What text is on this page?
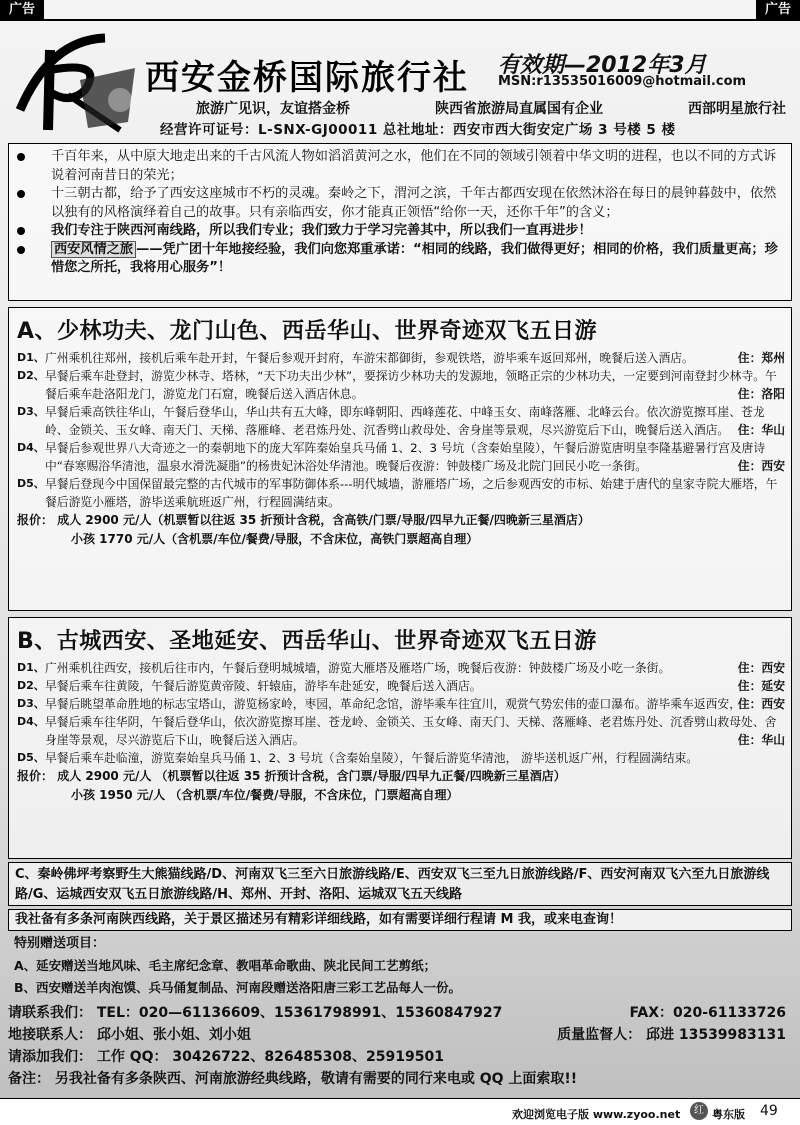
广告	广告
西安金桥国际旅行社 有效期—2012年3月
MSN:r13535016009@hotmail.com
旅游广见识，友谊搭金桥	陕西省旅游局直属国有企业	西部明星旅行社
经营许可证号：L-SNX-GJ00011 总社地址：西安市西大街安定广场 3 号楼 5 楼
千百年来，从中原大地走出来的千古风流人物如滔滔黄河之水，他们在不同的领域引领着中华文明的进程，也以不同的方式诉说着河南昔日的荣光；
十三朝古都，给予了西安这座城市不朽的灵魂。秦岭之下，渭河之滨，千年古都西安现在依然沐浴在每日的晨钟暮鼓中，依然以独有的风格演绎着自己的故事。只有亲临西安，你才能真正领悟“给你一天，还你千年”的含义；
我们专注于陕西河南线路，所以我们专业；我们致力于学习完善其中，所以我们一直再进步！
西安风情之旅 ——凭广团十年地接经验，我们向您郑重承诺：“相同的线路，我们做得更好；相同的价格，我们质量更高；珍惜您之所托，我将用心服务”！
A、少林功夫、龙门山色、西岳华山、世界奇迹双飞五日游
D1、 广州乘机往郑州，接机后乘车赴开封，午餐后参观开封府，车游宋都御街，参观铁塔，游毕乘车返回郑州，晚餐后送入酒店。	住：郑州
D2、 早餐后乘车赴登封，游览少林寺、塔林，“天下功夫出少林”，要探访少林功夫的发源地，领略正宗的少林功夫，一定要到河南登封少林寺。午餐后乘车赴洛阳龙门，游览龙门石窟，晚餐后送入酒店休息。	住：洛阳
D3、 早餐后乘高铁往华山，午餐后登华山，华山共有五大峰，即东峰朝阳、西峰莲花、中峰玉女、南峰落雁、北峰云台。依次游览擦耳崖、苍龙岭、金锁关、玉女峰、南天门、天梯、落雁峰、老君炼丹处、沉香劈山救母处、舍身崖等景观，尽兴游览后下山，晚餐后送入酒店。 住：华山
D4、 早餐后参观世界八大奇迹之一的秦朝地下的庞大军阵秦始皇兵马俑 1、2、3 号坑（含秦始皇陵），午餐后游览唐明皇李隆基避暑行宫及唐诗中“春寒赐浴华清池，温泉水滑洗凝脂”的杨贵妃沐浴处华清池。晚餐后夜游：钟鼓楼广场及北院门回民小吃一条街。	住：西安
D5、 早餐后登现今中国保留最完整的古代城市的军事防御体系---明代城墙，游雁塔广场，之后参观西安的市标、始建于唐代的皇家寺院大雁塔，午餐后游览小雁塔，游毕送乘航班返广州，行程圆满结束。
报价： 成人 2900 元/人（机票暂以往返 35 折预计含税，含高铁/门票/导服/四早九正餐/四晚新三星酒店）
小孩 1770 元/人（含机票/车位/餐费/导服，不含床位，高铁门票超高自理）
B、古城西安、圣地延安、西岳华山、世界奇迹双飞五日游
D1、 广州乘机往西安，接机后往市内，午餐后登明城城墙，游览大雁塔及雁塔广场，晚餐后夜游：钟鼓楼广场及小吃一条街。	住：西安
D2、 早餐后乘车往黄陵，午餐后游览黄帝陵、轩辕庙，游毕车赴延安，晚餐后送入酒店。	住：延安
D3、 早餐后眺望革命胜地的标志宝塔山，游览杨家岭，枣园，革命纪念馆，游毕乘车往宜川，观赏气势宏伟的壶口瀑布。游毕乘车返西安，
住：西安
D4、 早餐后乘车往华阴，午餐后登华山，依次游览擦耳崖、苍龙岭、金锁关、玉女峰、南天门、天梯、落雁峰、老君炼丹处、沉香劈山救母处、舍身崖等景观，尽兴游览后下山，晚餐后送入酒店。	住：华山
D5、 早餐后乘车赴临潼，游览秦始皇兵马俑 1、2、3 号坑（含秦始皇陵），午餐后游览华清池， 游毕送机返广州，行程圆满结束。
报价： 成人 2900 元/人 （机票暂以往返 35 折预计含税，含门票/导服/四早九正餐/四晚新三星酒店）
小孩 1950 元/人 （含机票/车位/餐费/导服，不含床位，门票超高自理）
C、秦岭佛坪考察野生大熊猫线路/D、河南双飞三至六日旅游线路/E、西安双飞三至九日旅游线路/F、西安河南双飞六至九日旅游线路/G、运城西安双飞五日旅游线路/H、郑州、开封、洛阳、运城双飞五天线路
我社备有多条河南陕西线路，关于景区描述另有精彩详细线路，如有需要详细行程请 M 我，或来电查询！
特别赠送项目：
A、延安赠送当地风味、毛主席纪念章、教唱革命歌曲、陕北民间工艺剪纸；
B、西安赠送羊肉泡馍、兵马俑复制品、河南段赠送洛阳唐三彩工艺品每人一份。
请联系我们： TEL：020—61136609、15361798991、15360847927	FAX：020-61133726
地接联系人： 邱小姐、张小姐、刘小姐	质量监督人： 邱进 13539983131
请添加我们： 工作 QQ： 30426722、826485308、25919501
备注： 另我社备有多条陕西、河南旅游经典线路，敬请有需要的同行来电或 QQ 上面索取!!
欢迎浏览电子版 www.zyoo.net	红 粤东版 49
